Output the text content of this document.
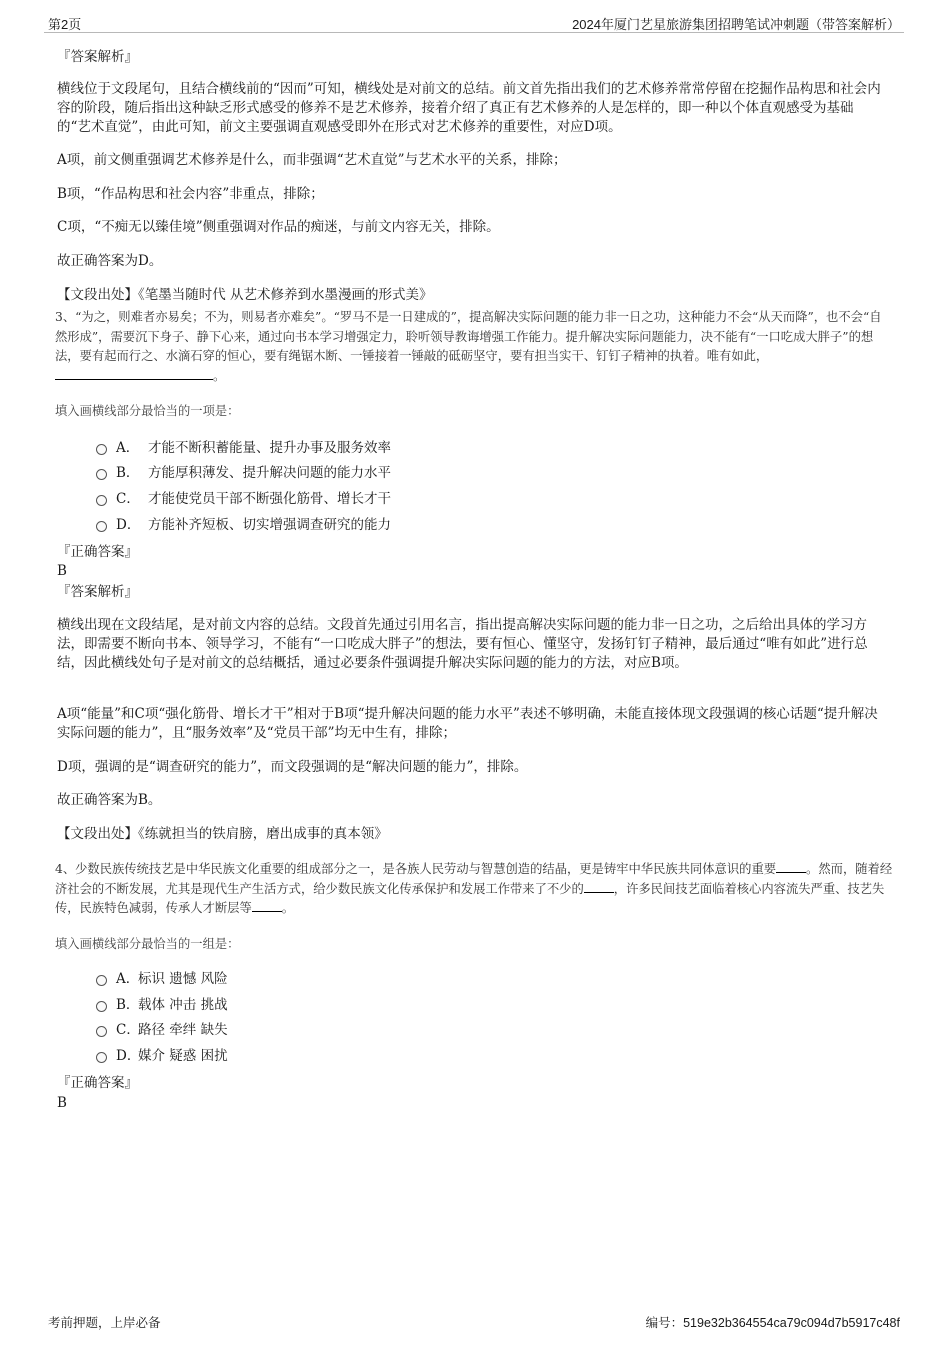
第2页	2024年厦门艺星旅游集团招聘笔试冲刺题（带答案解析）

『答案解析』

横线位于文段尾句，且结合横线前的“因而”可知，横线处是对前文的总结。前文首先指出我们的艺术修养常常停留在挖掘作品构思和社会内容的阶段，随后指出这种缺乏形式感受的修养不是艺术修养，接着介绍了真正有艺术修养的人是怎样的，即一种以个体直观感受为基础的“艺术直觉”，由此可知，前文主要强调直观感受即外在形式对艺术修养的重要性，对应D项。

A项，前文侧重强调艺术修养是什么，而非强调“艺术直觉”与艺术水平的关系，排除；

B项，“作品构思和社会内容”非重点，排除；

C项，“不痴无以臻佳境”侧重强调对作品的痴迷，与前文内容无关，排除。

故正确答案为D。

【文段出处】《笔墨当随时代 从艺术修养到水墨漫画的形式美》

3、“为之，则难者亦易矣；不为，则易者亦难矣”。“罗马不是一日建成的”，提高解决实际问题的能力非一日之功，这种能力不会“从天而降”，也不会“自然形成”，需要沉下身子、静下心来，通过向书本学习增强定力，聆听领导教诲增强工作能力。提升解决实际问题能力，决不能有“一口吃成大胖子”的想法，要有起而行之、水滴石穿的恒心，要有绳锯木断、一锤接着一锤敲的砥砺坚守，要有担当实干、钉钉子精神的执着。唯有如此，。

填入画横线部分最恰当的一项是：

A． 才能不断积蓄能量、提升办事及服务效率
B． 方能厚积薄发、提升解决问题的能力水平
C． 才能使党员干部不断强化筋骨、增长才干
D． 方能补齐短板、切实增强调查研究的能力

『正确答案』

B

『答案解析』

横线出现在文段结尾，是对前文内容的总结。文段首先通过引用名言，指出提高解决实际问题的能力非一日之功，之后给出具体的学习方法，即需要不断向书本、领导学习，不能有“一口吃成大胖子”的想法，要有恒心、懂坚守，发扬钉钉子精神，最后通过“唯有如此”进行总结，因此横线处句子是对前文的总结概括，通过必要条件强调提升解决实际问题的能力的方法，对应B项。

A项“能量”和C项“强化筋骨、增长才干”相对于B项“提升解决问题的能力水平”表述不够明确，未能直接体现文段强调的核心话题“提升解决实际问题的能力”，且“服务效率”及“党员干部”均无中生有，排除；

D项，强调的是“调查研究的能力”，而文段强调的是“解决问题的能力”，排除。

故正确答案为B。

【文段出处】《练就担当的铁肩膀，磨出成事的真本领》

4、少数民族传统技艺是中华民族文化重要的组成部分之一，是各族人民劳动与智慧创造的结晶，更是铸牢中华民族共同体意识的重要 。然而，随着经济社会的不断发展，尤其是现代生产生活方式，给少数民族文化传承保护和发展工作带来了不少的 ，许多民间技艺面临着核心内容流失严重、技艺失传，民族特色减弱，传承人才断层等 。

填入画横线部分最恰当的一组是：

A．标识 遗憾 风险
B．载体 冲击 挑战
C．路径 牵绊 缺失
D．媒介 疑惑 困扰

『正确答案』

B

考前押题，上岸必备	编号：519e32b364554ca79c094d7b5917c48f
